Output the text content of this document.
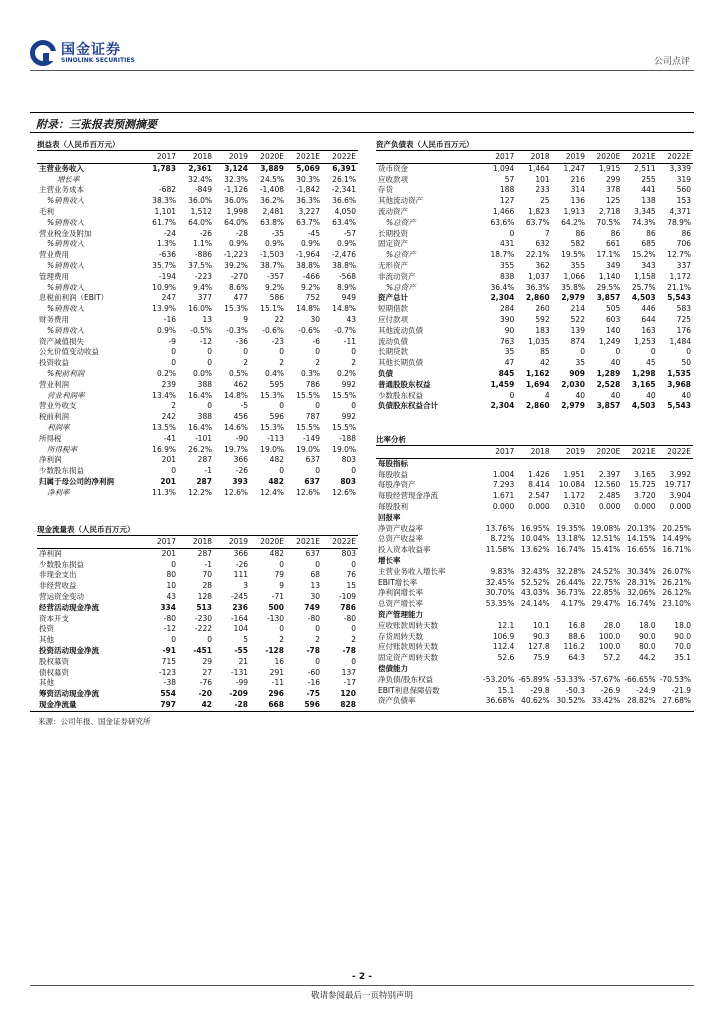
国金证券
SINOLINK SECURITIES	公司点评
附录：三张报表预测摘要
损益表（人民币百万元）
	2017	2018	2019	2020E	2021E	2022E
主营业务收入	1,783	2,361	3,124	3,889	5,069	6,391
增长率		32.4%	32.3%	24.5%	30.3%	26.1%
主营业务成本	-682	-849	-1,126	-1,408	-1,842	-2,341
%销售收入	38.3%	36.0%	36.0%	36.2%	36.3%	36.6%
毛利	1,101	1,512	1,998	2,481	3,227	4,050
%销售收入	61.7%	64.0%	64.0%	63.8%	63.7%	63.4%
营业税金及附加	-24	-26	-28	-35	-45	-57
%销售收入	1.3%	1.1%	0.9%	0.9%	0.9%	0.9%
营业费用	-636	-886	-1,223	-1,503	-1,964	-2,476
%销售收入	35.7%	37.5%	39.2%	38.7%	38.8%	38.8%
管理费用	-194	-223	-270	-357	-466	-568
%销售收入	10.9%	9.4%	8.6%	9.2%	9.2%	8.9%
息税前利润（EBIT）	247	377	477	586	752	949
%销售收入	13.9%	16.0%	15.3%	15.1%	14.8%	14.8%
财务费用	-16	13	9	22	30	43
%销售收入	0.9%	-0.5%	-0.3%	-0.6%	-0.6%	-0.7%
资产减值损失	-9	-12	-36	-23	-6	-11
公允价值变动收益	0	0	0	0	0	0
投资收益	0	0	2	2	2	2
%税前利润	0.2%	0.0%	0.5%	0.4%	0.3%	0.2%
营业利润	239	388	462	595	786	992
营业利润率	13.4%	16.4%	14.8%	15.3%	15.5%	15.5%
营业外收支	2	0	-5	0	0	0
税前利润	242	388	456	596	787	992
利润率	13.5%	16.4%	14.6%	15.3%	15.5%	15.5%
所得税	-41	-101	-90	-113	-149	-188
所得税率	16.9%	26.2%	19.7%	19.0%	19.0%	19.0%
净利润	201	287	366	482	637	803
少数股东损益	0	-1	-26	0	0	0
归属于母公司的净利润	201	287	393	482	637	803
净利率	11.3%	12.2%	12.6%	12.4%	12.6%	12.6%
资产负债表（人民币百万元）
	2017	2018	2019	2020E	2021E	2022E
货币资金	1,094	1,464	1,247	1,915	2,511	3,339
应收款项	57	101	216	299	255	319
存货	188	233	314	378	441	560
其他流动资产	127	25	136	125	138	153
流动资产	1,466	1,823	1,913	2,718	3,345	4,371
%总资产	63.6%	63.7%	64.2%	70.5%	74.3%	78.9%
长期投资	0	7	86	86	86	86
固定资产	431	632	582	661	685	706
%总资产	18.7%	22.1%	19.5%	17.1%	15.2%	12.7%
无形资产	355	362	355	349	343	337
非流动资产	838	1,037	1,066	1,140	1,158	1,172
%总资产	36.4%	36.3%	35.8%	29.5%	25.7%	21.1%
资产总计	2,304	2,860	2,979	3,857	4,503	5,543
短期借款	284	260	214	505	446	583
应付款项	390	592	522	603	644	725
其他流动负债	90	183	139	140	163	176
流动负债	763	1,035	874	1,249	1,253	1,484
长期贷款	35	85	0	0	0	0
其他长期负债	47	42	35	40	45	50
负债	845	1,162	909	1,289	1,298	1,535
普通股股东权益	1,459	1,694	2,030	2,528	3,165	3,968
少数股东权益	0	4	40	40	40	40
负债股东权益合计	2,304	2,860	2,979	3,857	4,503	5,543
比率分析
	2017	2018	2019	2020E	2021E	2022E
每股指标						
每股收益	1.004	1.426	1.951	2.397	3.165	3.992
每股净资产	7.293	8.414	10.084	12.560	15.725	19.717
每股经营现金净流	1.671	2.547	1.172	2.485	3.720	3.904
每股股利	0.000	0.000	0.310	0.000	0.000	0.000
回报率						
净资产收益率	13.76%	16.95%	19.35%	19.08%	20.13%	20.25%
总资产收益率	8.72%	10.04%	13.18%	12.51%	14.15%	14.49%
投入资本收益率	11.58%	13.62%	16.74%	15.41%	16.65%	16.71%
增长率						
主营业务收入增长率	9.83%	32.43%	32.28%	24.52%	30.34%	26.07%
EBIT增长率	32.45%	52.52%	26.44%	22.75%	28.31%	26.21%
净利润增长率	30.70%	43.03%	36.73%	22.85%	32.06%	26.12%
总资产增长率	53.35%	24.14%	4.17%	29.47%	16.74%	23.10%
资产管理能力						
应收账款周转天数	12.1	10.1	16.8	28.0	18.0	18.0
存货周转天数	106.9	90.3	88.6	100.0	90.0	90.0
应付账款周转天数	112.4	127.8	116.2	100.0	80.0	70.0
固定资产周转天数	52.6	75.9	64.3	57.2	44.2	35.1
偿债能力						
净负债/股东权益	-53.20%	-65.89%	-53.33%	-57.67%	-66.65%	-70.53%
EBIT利息保障倍数	15.1	-29.8	-50.3	-26.9	-24.9	-21.9
资产负债率	36.68%	40.62%	30.52%	33.42%	28.82%	27.68%
现金流量表（人民币百万元）
	2017	2018	2019	2020E	2021E	2022E
净利润	201	287	366	482	637	803
少数股东损益	0	-1	-26	0	0	0
非现金支出	80	70	111	79	68	76
非经营收益	10	28	3	9	13	15
营运资金变动	43	128	-245	-71	30	-109
经营活动现金净流	334	513	236	500	749	786
资本开支	-80	-230	-164	-130	-80	-80
投资	-12	-222	104	0	0	0
其他	0	0	5	2	2	2
投资活动现金净流	-91	-451	-55	-128	-78	-78
股权募资	715	29	21	16	0	0
债权募资	-123	27	-131	291	-60	137
其他	-38	-76	-99	-11	-16	-17
筹资活动现金净流	554	-20	-209	296	-75	120
现金净流量	797	42	-28	668	596	828
来源：公司年报、国金证券研究所
- 2 -
敬请参阅最后一页特别声明
